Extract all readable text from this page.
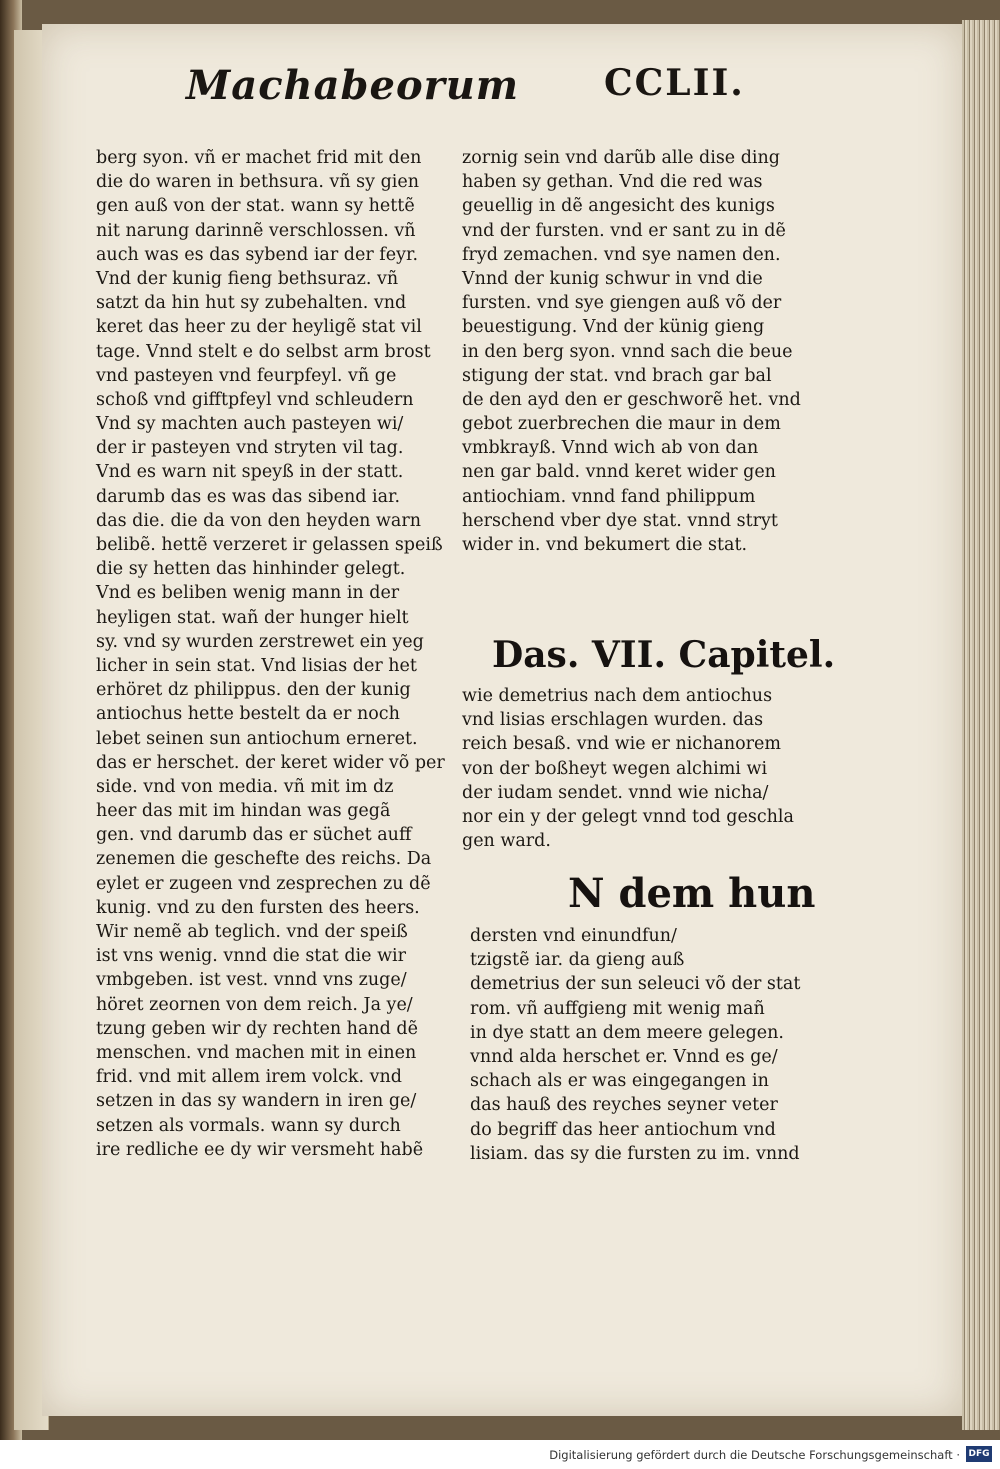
Machabeorum CCLII.
berg syon. vñ er machet frid mit den
die do waren in bethsura. vñ sy gien
gen auß von der stat. wann sy hettẽ
nit narung darinnẽ verschlossen. vñ
auch was es das sybend iar der feyr.
Vnd der kunig fieng bethsuraz. vñ
satzt da hin hut sy zubehalten. vnd
keret das heer zu der heyligẽ stat vil
tage. Vnnd stelt e do selbst arm brost
vnd pasteyen vnd feurpfeyl. vñ ge
schoß vnd gifftpfeyl vnd schleudern
Vnd sy machten auch pasteyen wi/
der ir pasteyen vnd stryten vil tag.
Vnd es warn nit speyß in der statt.
darumb das es was das sibend iar.
das die. die da von den heyden warn
belibẽ. hettẽ verzeret ir gelassen speiß
die sy hetten das hinhinder gelegt.
Vnd es beliben wenig mann in der
heyligen stat. wañ der hunger hielt
sy. vnd sy wurden zerstrewet ein yeg
licher in sein stat. Vnd lisias der het
erhöret dz philippus. den der kunig
antiochus hette bestelt da er noch
lebet seinen sun antiochum erneret.
das er herschet. der keret wider võ per
side. vnd von media. vñ mit im dz
heer das mit im hindan was gegã
gen. vnd darumb das er süchet auff
zenemen die geschefte des reichs. Da
eylet er zugeen vnd zesprechen zu dẽ
kunig. vnd zu den fursten des heers.
Wir nemẽ ab teglich. vnd der speiß
ist vns wenig. vnnd die stat die wir
vmbgeben. ist vest. vnnd vns zuge/
höret zeornen von dem reich. Ja ye/
tzung geben wir dy rechten hand dẽ
menschen. vnd machen mit in einen
frid. vnd mit allem irem volck. vnd
setzen in das sy wandern in iren ge/
setzen als vormals. wann sy durch
ire redliche ee dy wir versmeht habẽ
zornig sein vnd darũb alle dise ding
haben sy gethan. Vnd die red was
geuellig in dẽ angesicht des kunigs
vnd der fursten. vnd er sant zu in dẽ
fryd zemachen. vnd sye namen den.
Vnnd der kunig schwur in vnd die
fursten. vnd sye giengen auß võ der
beuestigung. Vnd der künig gieng
in den berg syon. vnnd sach die beue
stigung der stat. vnd brach gar bal
de den ayd den er geschworẽ het. vnd
gebot zuerbrechen die maur in dem
vmbkrayß. Vnnd wich ab von dan
nen gar bald. vnnd keret wider gen
antiochiam. vnnd fand philippum
herschend vber dye stat. vnnd stryt
wider in. vnd bekumert die stat.
Das. VII. Capitel.
wie demetrius nach dem antiochus
vnd lisias erschlagen wurden. das
reich besaß. vnd wie er nichanorem
von der boßheyt wegen alchimi wi
der iudam sendet. vnnd wie nicha/
nor ein y der gelegt vnnd tod geschla
gen ward.
N dem hun
dersten vnd einundfun/
tzigstẽ iar. da gieng auß
demetrius der sun seleuci võ der stat
rom. vñ auffgieng mit wenig mañ
in dye statt an dem meere gelegen.
vnnd alda herschet er. Vnnd es ge/
schach als er was eingegangen in
das hauß des reyches seyner veter
do begriff das heer antiochum vnd
lisiam. das sy die fursten zu im. vnnd
Digitalisierung gefördert durch die Deutsche Forschungsgemeinschaft · DFG
